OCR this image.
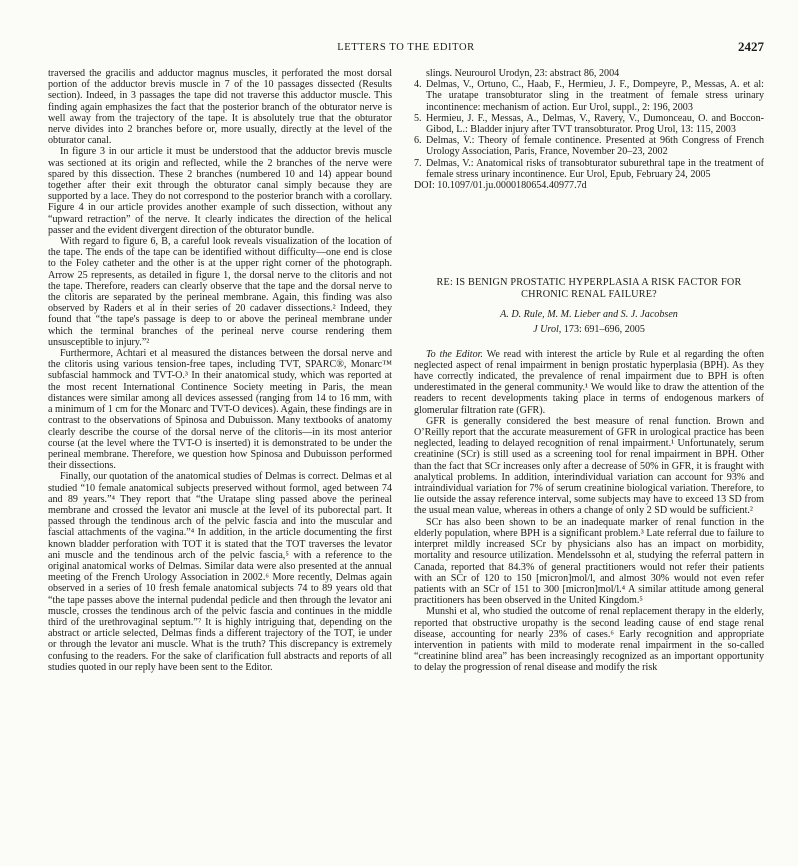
LETTERS TO THE EDITOR	2427

traversed the gracilis and adductor magnus muscles, it perforated the most dorsal portion of the adductor brevis muscle in 7 of the 10 passages dissected (Results section). Indeed, in 3 passages the tape did not traverse this adductor muscle. This finding again emphasizes the fact that the posterior branch of the obturator nerve is well away from the trajectory of the tape. It is absolutely true that the obturator nerve divides into 2 branches before or, more usually, directly at the level of the obturator canal.

In figure 3 in our article it must be understood that the adductor brevis muscle was sectioned at its origin and reflected, while the 2 branches of the nerve were spared by this dissection. These 2 branches (numbered 10 and 14) appear bound together after their exit through the obturator canal simply because they are supported by a lace. They do not correspond to the posterior branch with a corollary. Figure 4 in our article provides another example of such dissection, without any “upward retraction” of the nerve. It clearly indicates the direction of the helical passer and the evident divergent direction of the obturator bundle.

With regard to figure 6, B, a careful look reveals visualization of the location of the tape. The ends of the tape can be identified without difficulty—one end is close to the Foley catheter and the other is at the upper right corner of the photograph. Arrow 25 represents, as detailed in figure 1, the dorsal nerve to the clitoris and not the tape. Therefore, readers can clearly observe that the tape and the dorsal nerve to the clitoris are separated by the perineal membrane. Again, this finding was also observed by Raders et al in their series of 20 cadaver dissections.² Indeed, they found that “the tape's passage is deep to or above the perineal membrane under which the terminal branches of the perineal nerve course rendering them unsusceptible to injury.”²

Furthermore, Achtari et al measured the distances between the dorsal nerve and the clitoris using various tension-free tapes, including TVT, SPARC®, Monarc™ subfascial hammock and TVT-O.³ In their anatomical study, which was reported at the most recent International Continence Society meeting in Paris, the mean distances were similar among all devices assessed (ranging from 14 to 16 mm, with a minimum of 1 cm for the Monarc and TVT-O devices). Again, these findings are in contrast to the observations of Spinosa and Dubuisson. Many textbooks of anatomy clearly describe the course of the dorsal nerve of the clitoris—in its most anterior course (at the level where the TVT-O is inserted) it is demonstrated to be under the perineal membrane. Therefore, we question how Spinosa and Dubuisson performed their dissections.

Finally, our quotation of the anatomical studies of Delmas is correct. Delmas et al studied “10 female anatomical subjects preserved without formol, aged between 74 and 89 years.”⁴ They report that “the Uratape sling passed above the perineal membrane and crossed the levator ani muscle at the level of its puborectal part. It passed through the tendinous arch of the pelvic fascia and into the muscular and fascial attachments of the vagina.”⁴ In addition, in the article documenting the first known bladder perforation with TOT it is stated that the TOT traverses the levator ani muscle and the tendinous arch of the pelvic fascia,⁵ with a reference to the original anatomical works of Delmas. Similar data were also presented at the annual meeting of the French Urology Association in 2002.⁶ More recently, Delmas again observed in a series of 10 fresh female anatomical subjects 74 to 89 years old that “the tape passes above the internal pudendal pedicle and then through the levator ani muscle, crosses the tendinous arch of the pelvic fascia and continues in the middle third of the urethrovaginal septum.”⁷ It is highly intriguing that, depending on the abstract or article selected, Delmas finds a different trajectory of the TOT, ie under or through the levator ani muscle. What is the truth? This discrepancy is extremely confusing to the readers. For the sake of clarification full abstracts and reports of all studies quoted in our reply have been sent to the Editor.

slings. Neurourol Urodyn, 23: abstract 86, 2004
4. Delmas, V., Ortuno, C., Haab, F., Hermieu, J. F., Dompeyre, P., Messas, A. et al: The uratape transobturator sling in the treatment of female stress urinary incontinence: mechanism of action. Eur Urol, suppl., 2: 196, 2003
5. Hermieu, J. F., Messas, A., Delmas, V., Ravery, V., Dumonceau, O. and Boccon-Gibod, L.: Bladder injury after TVT transobturator. Prog Urol, 13: 115, 2003
6. Delmas, V.: Theory of female continence. Presented at 96th Congress of French Urology Association, Paris, France, November 20–23, 2002
7. Delmas, V.: Anatomical risks of transobturator suburethral tape in the treatment of female stress urinary incontinence. Eur Urol, Epub, February 24, 2005

DOI: 10.1097/01.ju.0000180654.40977.7d

RE: IS BENIGN PROSTATIC HYPERPLASIA A RISK FACTOR FOR CHRONIC RENAL FAILURE?
A. D. Rule, M. M. Lieber and S. J. Jacobsen
J Urol, 173: 691–696, 2005

To the Editor. We read with interest the article by Rule et al regarding the often neglected aspect of renal impairment in benign prostatic hyperplasia (BPH). As they have correctly indicated, the prevalence of renal impairment due to BPH is often underestimated in the general community.¹ We would like to draw the attention of the readers to recent developments taking place in terms of endogenous markers of glomerular filtration rate (GFR).

GFR is generally considered the best measure of renal function. Brown and O’Reilly report that the accurate measurement of GFR in urological practice has been neglected, leading to delayed recognition of renal impairment.¹ Unfortunately, serum creatinine (SCr) is still used as a screening tool for renal impairment in BPH. Other than the fact that SCr increases only after a decrease of 50% in GFR, it is fraught with analytical problems. In addition, interindividual variation can account for 93% and intraindividual variation for 7% of serum creatinine biological variation. Therefore, to lie outside the assay reference interval, some subjects may have to exceed 13 SD from the usual mean value, whereas in others a change of only 2 SD would be sufficient.²

SCr has also been shown to be an inadequate marker of renal function in the elderly population, where BPH is a significant problem.³ Late referral due to failure to interpret mildly increased SCr by physicians also has an impact on morbidity, mortality and resource utilization. Mendelssohn et al, studying the referral pattern in Canada, reported that 84.3% of general practitioners would not refer their patients with an SCr of 120 to 150 [micron]mol/l, and almost 30% would not even refer patients with an SCr of 151 to 300 [micron]mol/l.⁴ A similar attitude among general practitioners has been observed in the United Kingdom.⁵

Munshi et al, who studied the outcome of renal replacement therapy in the elderly, reported that obstructive uropathy is the second leading cause of end stage renal disease, accounting for nearly 23% of cases.⁶ Early recognition and appropriate intervention in patients with mild to moderate renal impairment in the so-called “creatinine blind area” has been increasingly recognized as an important opportunity to delay the progression of renal disease and modify the risk
